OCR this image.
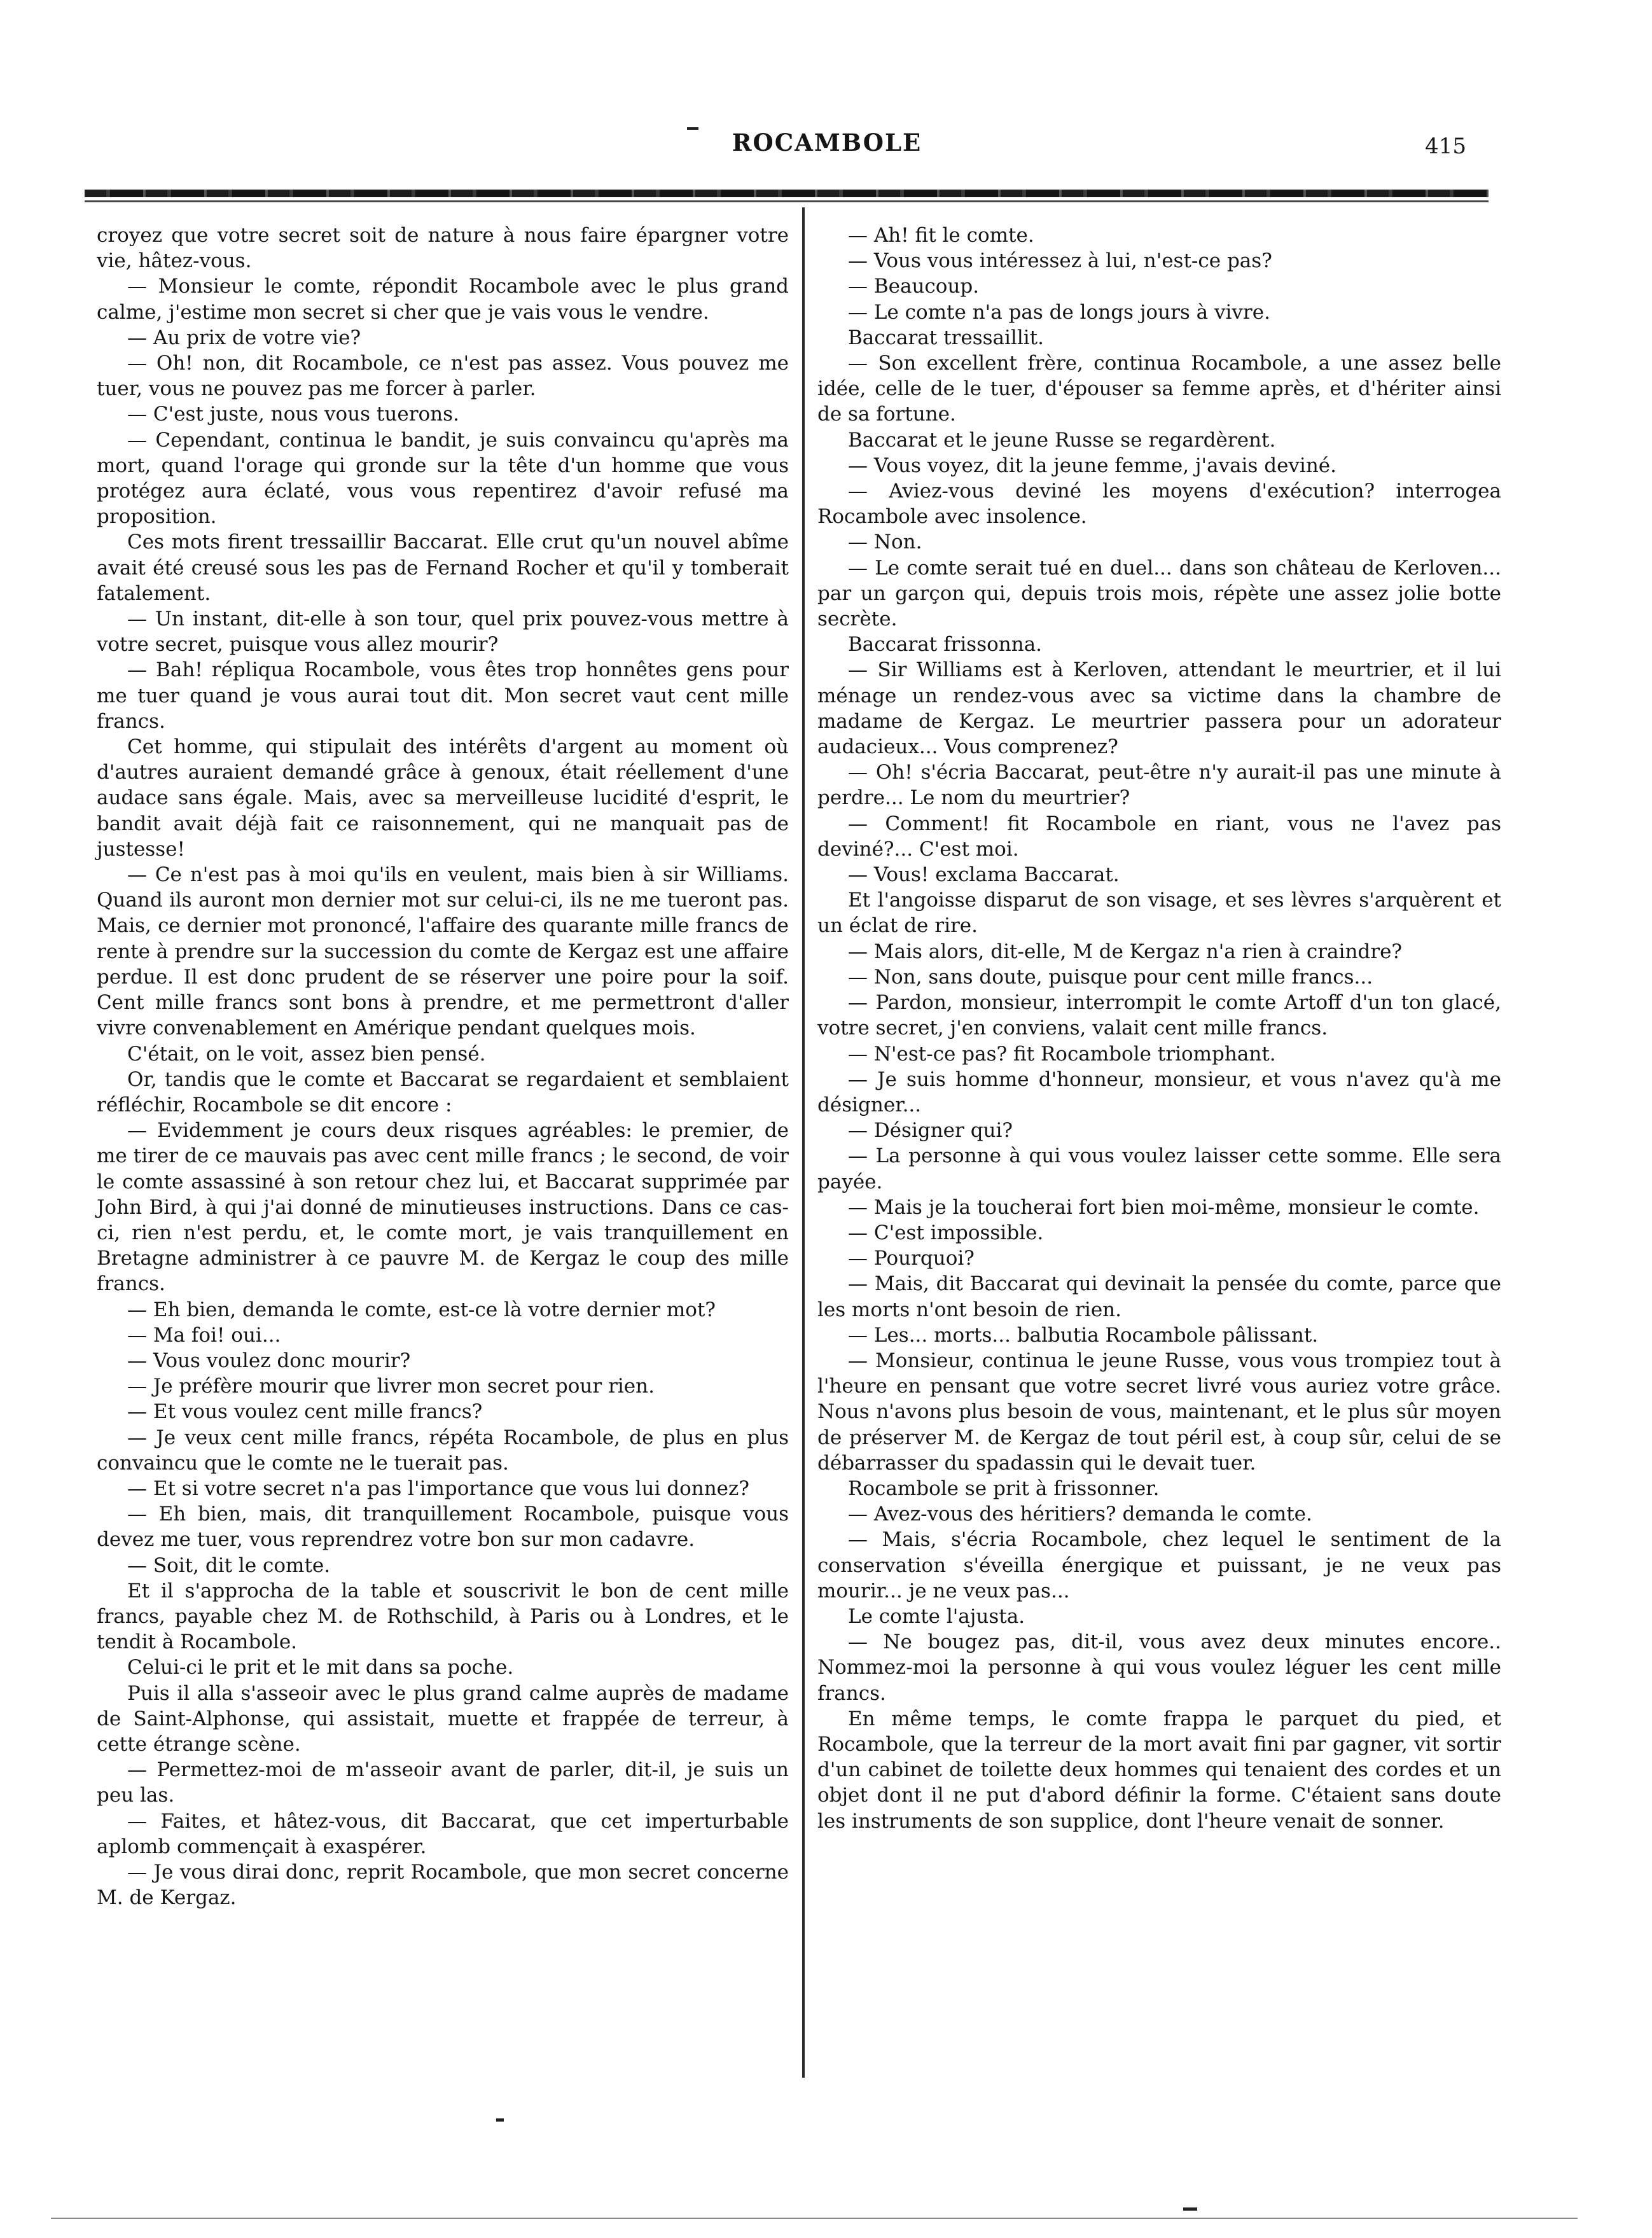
ROCAMBOLE	415

croyez que votre secret soit de nature à nous faire épargner votre vie, hâtez-vous.

— Monsieur le comte, répondit Rocambole avec le plus grand calme, j'estime mon secret si cher que je vais vous le vendre.

— Au prix de votre vie?

— Oh! non, dit Rocambole, ce n'est pas assez. Vous pouvez me tuer, vous ne pouvez pas me forcer à parler.

— C'est juste, nous vous tuerons.

— Cependant, continua le bandit, je suis convaincu qu'après ma mort, quand l'orage qui gronde sur la tête d'un homme que vous protégez aura éclaté, vous vous repentirez d'avoir refusé ma proposition.

Ces mots firent tressaillir Baccarat. Elle crut qu'un nouvel abîme avait été creusé sous les pas de Fernand Rocher et qu'il y tomberait fatalement.

— Un instant, dit-elle à son tour, quel prix pouvez-vous mettre à votre secret, puisque vous allez mourir?

— Bah! répliqua Rocambole, vous êtes trop honnêtes gens pour me tuer quand je vous aurai tout dit. Mon secret vaut cent mille francs.

Cet homme, qui stipulait des intérêts d'argent au moment où d'autres auraient demandé grâce à genoux, était réellement d'une audace sans égale. Mais, avec sa merveilleuse lucidité d'esprit, le bandit avait déjà fait ce raisonnement, qui ne manquait pas de justesse!

— Ce n'est pas à moi qu'ils en veulent, mais bien à sir Williams. Quand ils auront mon dernier mot sur celui-ci, ils ne me tueront pas. Mais, ce dernier mot prononcé, l'affaire des quarante mille francs de rente à prendre sur la succession du comte de Kergaz est une affaire perdue. Il est donc prudent de se réserver une poire pour la soif. Cent mille francs sont bons à prendre, et me permettront d'aller vivre convenablement en Amérique pendant quelques mois.

C'était, on le voit, assez bien pensé.

Or, tandis que le comte et Baccarat se regardaient et semblaient réfléchir, Rocambole se dit encore :

— Evidemment je cours deux risques agréables: le premier, de me tirer de ce mauvais pas avec cent mille francs ; le second, de voir le comte assassiné à son retour chez lui, et Baccarat supprimée par John Bird, à qui j'ai donné de minutieuses instructions. Dans ce cas-ci, rien n'est perdu, et, le comte mort, je vais tranquillement en Bretagne administrer à ce pauvre M. de Kergaz le coup des mille francs.

— Eh bien, demanda le comte, est-ce là votre dernier mot?

— Ma foi! oui...

— Vous voulez donc mourir?

— Je préfère mourir que livrer mon secret pour rien.

— Et vous voulez cent mille francs?

— Je veux cent mille francs, répéta Rocambole, de plus en plus convaincu que le comte ne le tuerait pas.

— Et si votre secret n'a pas l'importance que vous lui donnez?

— Eh bien, mais, dit tranquillement Rocambole, puisque vous devez me tuer, vous reprendrez votre bon sur mon cadavre.

— Soit, dit le comte.

Et il s'approcha de la table et souscrivit le bon de cent mille francs, payable chez M. de Rothschild, à Paris ou à Londres, et le tendit à Rocambole.

Celui-ci le prit et le mit dans sa poche.

Puis il alla s'asseoir avec le plus grand calme auprès de madame de Saint-Alphonse, qui assistait, muette et frappée de terreur, à cette étrange scène.

— Permettez-moi de m'asseoir avant de parler, dit-il, je suis un peu las.

— Faites, et hâtez-vous, dit Baccarat, que cet imperturbable aplomb commençait à exaspérer.

— Je vous dirai donc, reprit Rocambole, que mon secret concerne M. de Kergaz.

— Ah! fit le comte.

— Vous vous intéressez à lui, n'est-ce pas?

— Beaucoup.

— Le comte n'a pas de longs jours à vivre.

Baccarat tressaillit.

— Son excellent frère, continua Rocambole, a une assez belle idée, celle de le tuer, d'épouser sa femme après, et d'hériter ainsi de sa fortune.

Baccarat et le jeune Russe se regardèrent.

— Vous voyez, dit la jeune femme, j'avais deviné.

— Aviez-vous deviné les moyens d'exécution? interrogea Rocambole avec insolence.

— Non.

— Le comte serait tué en duel... dans son château de Kerloven... par un garçon qui, depuis trois mois, répète une assez jolie botte secrète.

Baccarat frissonna.

— Sir Williams est à Kerloven, attendant le meurtrier, et il lui ménage un rendez-vous avec sa victime dans la chambre de madame de Kergaz. Le meurtrier passera pour un adorateur audacieux... Vous comprenez?

— Oh! s'écria Baccarat, peut-être n'y aurait-il pas une minute à perdre... Le nom du meurtrier?

— Comment! fit Rocambole en riant, vous ne l'avez pas deviné?... C'est moi.

— Vous! exclama Baccarat.

Et l'angoisse disparut de son visage, et ses lèvres s'arquèrent et un éclat de rire.

— Mais alors, dit-elle, M de Kergaz n'a rien à craindre?

— Non, sans doute, puisque pour cent mille francs...

— Pardon, monsieur, interrompit le comte Artoff d'un ton glacé, votre secret, j'en conviens, valait cent mille francs.

— N'est-ce pas? fit Rocambole triomphant.

— Je suis homme d'honneur, monsieur, et vous n'avez qu'à me désigner...

— Désigner qui?

— La personne à qui vous voulez laisser cette somme. Elle sera payée.

— Mais je la toucherai fort bien moi-même, monsieur le comte.

— C'est impossible.

— Pourquoi?

— Mais, dit Baccarat qui devinait la pensée du comte, parce que les morts n'ont besoin de rien.

— Les... morts... balbutia Rocambole pâlissant.

— Monsieur, continua le jeune Russe, vous vous trompiez tout à l'heure en pensant que votre secret livré vous auriez votre grâce. Nous n'avons plus besoin de vous, maintenant, et le plus sûr moyen de préserver M. de Kergaz de tout péril est, à coup sûr, celui de se débarrasser du spadassin qui le devait tuer.

Rocambole se prit à frissonner.

— Avez-vous des héritiers? demanda le comte.

— Mais, s'écria Rocambole, chez lequel le sentiment de la conservation s'éveilla énergique et puissant, je ne veux pas mourir... je ne veux pas...

Le comte l'ajusta.

— Ne bougez pas, dit-il, vous avez deux minutes encore.. Nommez-moi la personne à qui vous voulez léguer les cent mille francs.

En même temps, le comte frappa le parquet du pied, et Rocambole, que la terreur de la mort avait fini par gagner, vit sortir d'un cabinet de toilette deux hommes qui tenaient des cordes et un objet dont il ne put d'abord définir la forme. C'étaient sans doute les instruments de son supplice, dont l'heure venait de sonner.
